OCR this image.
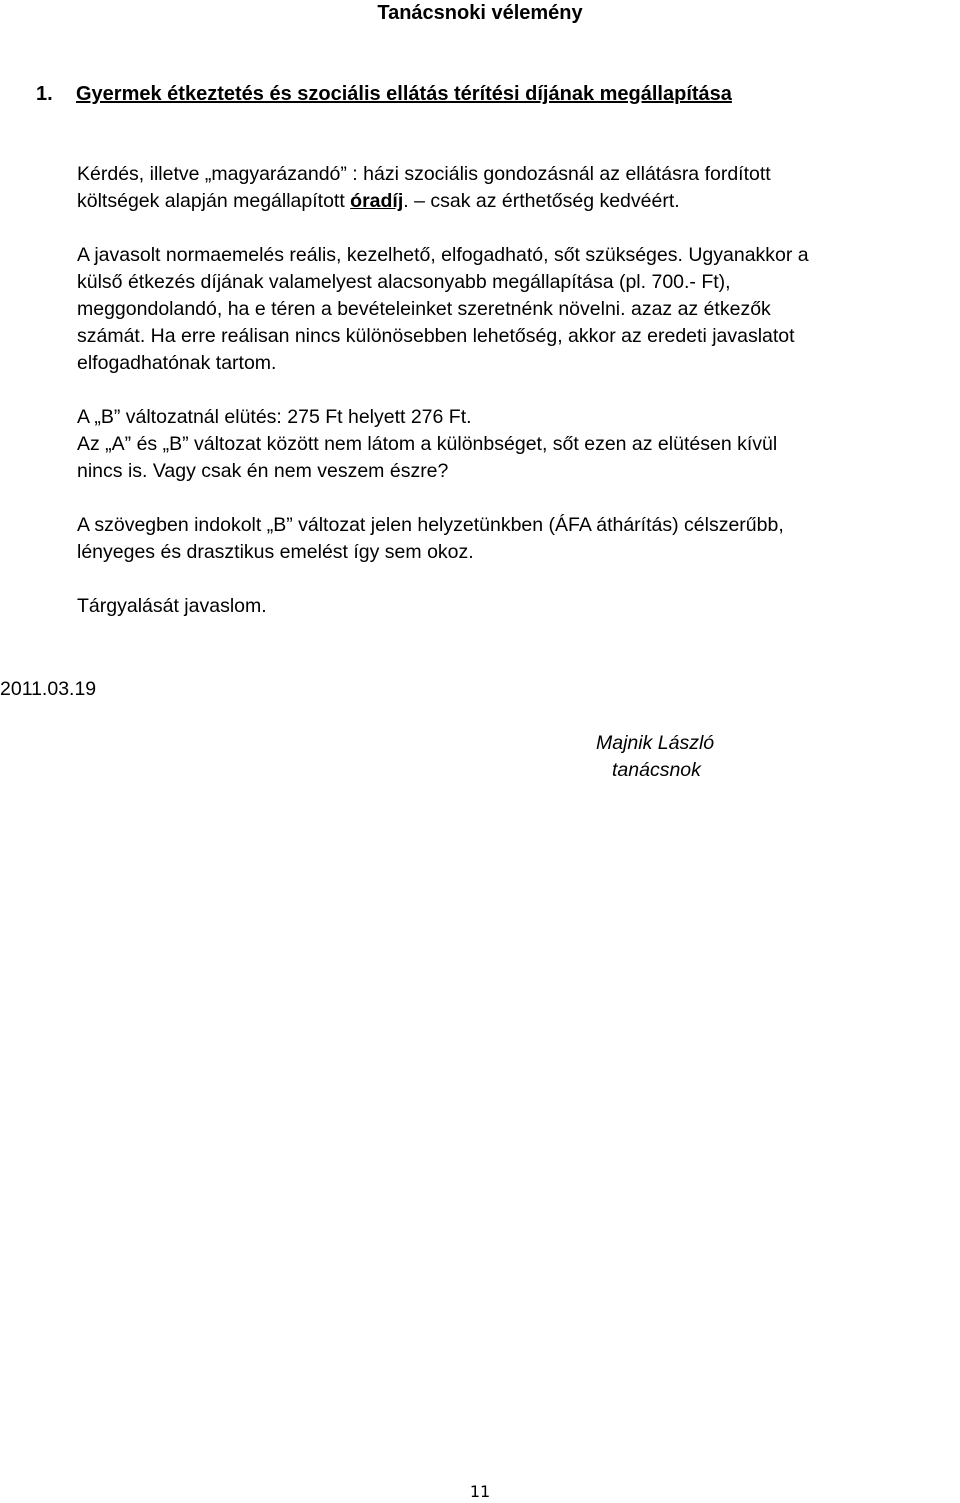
Tanácsnoki vélemény
1. Gyermek étkeztetés és szociális ellátás térítési díjának megállapítása
Kérdés, illetve „magyarázandó” : házi szociális gondozásnál az ellátásra fordított
költségek alapján megállapított óradíj. – csak az érthetőség kedvéért.
A javasolt normaemelés reális, kezelhető, elfogadható, sőt szükséges. Ugyanakkor a
külső étkezés díjának valamelyest alacsonyabb megállapítása (pl. 700.- Ft),
meggondolandó, ha e téren a bevételeinket szeretnénk növelni. azaz az étkezők
számát. Ha erre reálisan nincs különösebben lehetőség, akkor az eredeti javaslatot
elfogadhatónak tartom.
A „B” változatnál elütés: 275 Ft helyett 276 Ft.
Az „A” és „B” változat között nem látom a különbséget, sőt ezen az elütésen kívül
nincs is. Vagy csak én nem veszem észre?
A szövegben indokolt „B” változat jelen helyzetünkben (ÁFA áthárítás) célszerűbb,
lényeges és drasztikus emelést így sem okoz.
Tárgyalását javaslom.
2011.03.19
Majnik László
tanácsnok
11
